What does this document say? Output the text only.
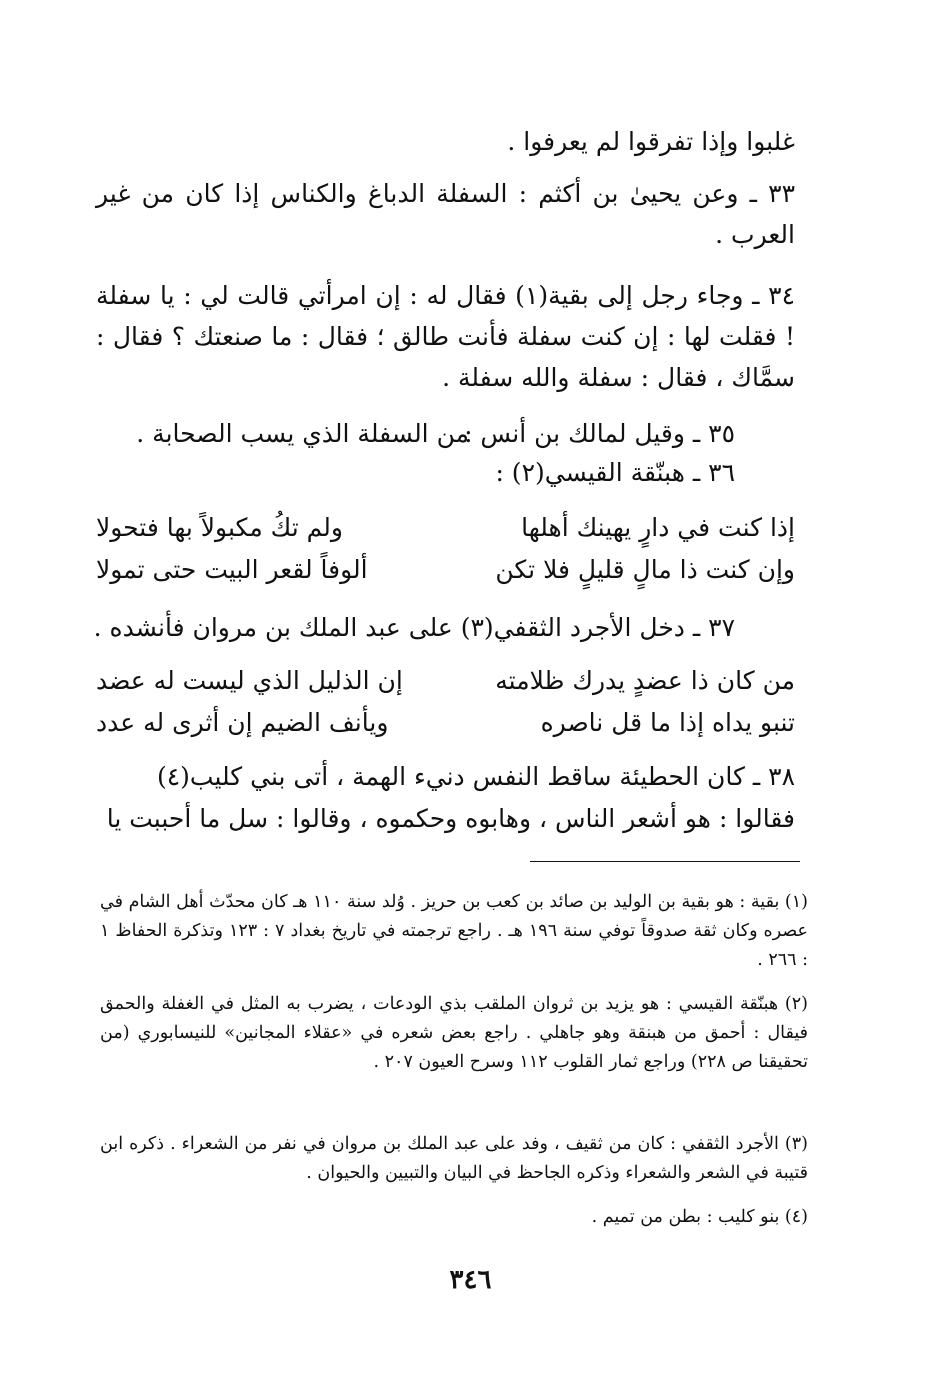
غلبوا وإذا تفرقوا لم يعرفوا .
٣٣ ـ وعن يحيىٰ بن أكثم : السفلة الدباغ والكناس إذا كان من غير العرب .
٣٤ ـ وجاء رجل إلى بقية(١) فقال له : إن امرأتي قالت لي : يا سفلة ! فقلت لها : إن كنت سفلة فأنت طالق ؛ فقال : ما صنعتك ؟ فقال : سمَّاك ، فقال : سفلة والله سفلة .
٣٥ ـ وقيل لمالك بن أنس :
من السفلة الذي يسب الصحابة .
٣٦ ـ هبنّقة القيسي(٢) :
إذا كنت في دارٍ يهينك أهلها
ولم تكُ مكبولاً بها فتحولا
وإن كنت ذا مالٍ قليلٍ فلا تكن
ألوفاً لقعر البيت حتى تمولا
٣٧ ـ دخل الأجرد الثقفي(٣) على عبد الملك بن مروان فأنشده .
من كان ذا عضدٍ يدرك ظلامته
إن الذليل الذي ليست له عضد
تنبو يداه إذا ما قل ناصره
ويأنف الضيم إن أثرى له عدد
٣٨ ـ كان الحطيئة ساقط النفس دنيء الهمة ، أتى بني كليب(٤)
فقالوا : هو أشعر الناس ، وهابوه وحكموه ، وقالوا : سل ما أحببت يا
(١) بقية : هو بقية بن الوليد بن صائد بن كعب بن حريز . وُلد سنة ١١٠ هـ كان محدّث أهل الشام في عصره وكان ثقة صدوقاً توفي سنة ١٩٦ هـ . راجع ترجمته في تاريخ بغداد ٧ : ١٢٣ وتذكرة الحفاظ ١ : ٢٦٦ .
(٢) هبنّقة القيسي : هو يزيد بن ثروان الملقب بذي الودعات ، يضرب به المثل في الغفلة والحمق فيقال : أحمق من هبنقة وهو جاهلي . راجع بعض شعره في «عقلاء المجانين» للنيسابوري (من تحقيقنا ص ٢٢٨) وراجع ثمار القلوب ١١٢ وسرح العيون ٢٠٧ .
(٣) الأجرد الثقفي : كان من ثقيف ، وفد على عبد الملك بن مروان في نفر من الشعراء . ذكره ابن قتيبة في الشعر والشعراء وذكره الجاحظ في البيان والتبيين والحيوان .
(٤) بنو كليب : بطن من تميم .
٣٤٦
